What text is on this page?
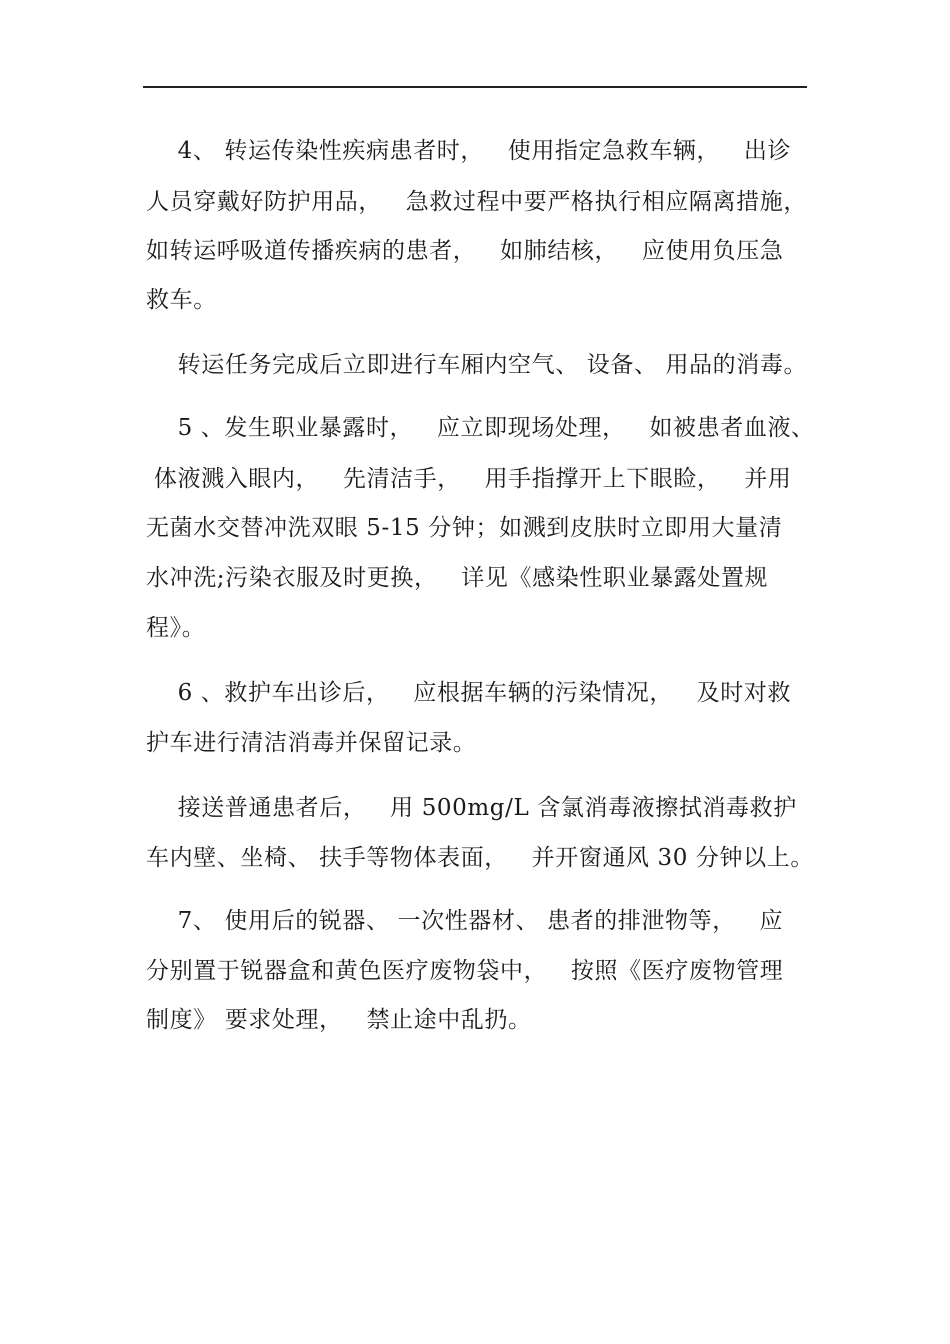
4、 转运传染性疾病患者时，   使用指定急救车辆，   出诊
人员穿戴好防护用品，   急救过程中要严格执行相应隔离措施，
如转运呼吸道传播疾病的患者，   如肺结核，   应使用负压急
救车。
转运任务完成后立即进行车厢内空气、 设备、 用品的消毒。
5 、发生职业暴露时，   应立即现场处理，   如被患者血液、
体液溅入眼内，   先清洁手，   用手指撑开上下眼睑，   并用
无菌水交替冲洗双眼 5-15 分钟；如溅到皮肤时立即用大量清
水冲洗;污染衣服及时更换，   详见《感染性职业暴露处置规
程》。
6 、救护车出诊后，   应根据车辆的污染情况，   及时对救
护车进行清洁消毒并保留记录。
接送普通患者后，   用 500mg/L 含氯消毒液擦拭消毒救护
车内壁、坐椅、 扶手等物体表面，   并开窗通风 30 分钟以上。
7、 使用后的锐器、 一次性器材、 患者的排泄物等，   应
分别置于锐器盒和黄色医疗废物袋中，   按照《医疗废物管理
制度》 要求处理，   禁止途中乱扔。
